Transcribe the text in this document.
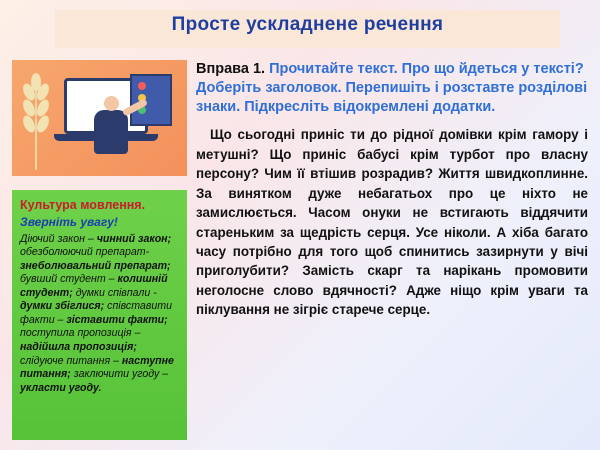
Просте ускладнене речення
Культура мовлення.
Зверніть увагу!
Діючий закон – чинний закон; обезболюючий препарат- знеболювальний препарат; бувший студент – колишній студент; думки співпали - думки збіглися; співставити факти – зіставити факти; поступила пропозиція – надійшла пропозиція; слідуюче питання – наступне питання; заключити угоду – укласти угоду.

Вправа 1. Прочитайте текст. Про що йдеться у тексті? Доберіть заголовок. Перепишіть і розставте розділові знаки. Підкресліть відокремлені додатки.

Що сьогодні приніс ти до рідної домівки крім гамору і метушні? Що приніс бабусі крім турбот про власну персону? Чим її втішив розрадив? Життя швидкоплинне. За винятком дуже небагатьох про це ніхто не замислюється. Часом онуки не встигають віддячити стареньким за щедрість серця. Усе ніколи. А хіба багато часу потрібно для того щоб спинитись зазирнути у вічі приголубити? Замість скарг та нарікань промовити неголосне слово вдячності? Адже ніщо крім уваги та піклування не зігріє старече серце.
